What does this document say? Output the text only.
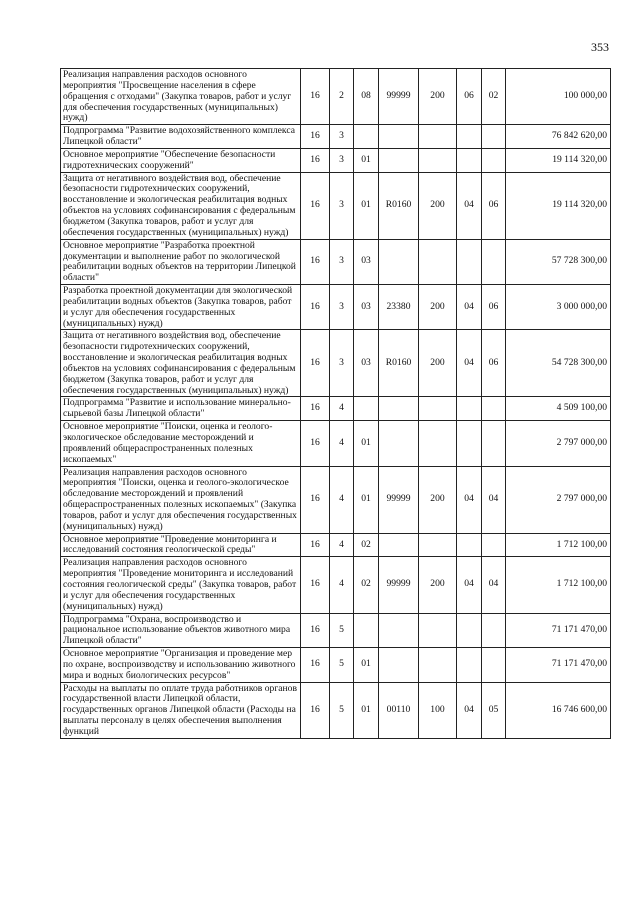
353
Реализация направления расходов основного мероприятия "Просвещение населения в сфере обращения с отходами" (Закупка товаров, работ и услуг для обеспечения государственных (муниципальных) нужд)	16	2	08	99999	200	06	02	100 000,00
Подпрограмма "Развитие водохозяйственного комплекса Липецкой области"	16	3						76 842 620,00
Основное мероприятие "Обеспечение безопасности гидротехнических сооружений"	16	3	01					19 114 320,00
Защита от негативного воздействия вод, обеспечение безопасности гидротехнических сооружений, восстановление и экологическая реабилитация водных объектов на условиях софинансирования с федеральным бюджетом (Закупка товаров, работ и услуг для обеспечения государственных (муниципальных) нужд)	16	3	01	R0160	200	04	06	19 114 320,00
Основное мероприятие "Разработка проектной документации и выполнение работ по экологической реабилитации водных объектов на территории Липецкой области"	16	3	03					57 728 300,00
Разработка проектной документации для экологической реабилитации водных объектов (Закупка товаров, работ и услуг для обеспечения государственных (муниципальных) нужд)	16	3	03	23380	200	04	06	3 000 000,00
Защита от негативного воздействия вод, обеспечение безопасности гидротехнических сооружений, восстановление и экологическая реабилитация водных объектов на условиях софинансирования с федеральным бюджетом (Закупка товаров, работ и услуг для обеспечения государственных (муниципальных) нужд)	16	3	03	R0160	200	04	06	54 728 300,00
Подпрограмма "Развитие и использование минерально-сырьевой базы Липецкой области"	16	4						4 509 100,00
Основное мероприятие "Поиски, оценка и геолого-экологическое обследование месторождений и проявлений общераспространенных полезных ископаемых"	16	4	01					2 797 000,00
Реализация направления расходов основного мероприятия "Поиски, оценка и геолого-экологическое обследование месторождений и проявлений общераспространенных полезных ископаемых" (Закупка товаров, работ и услуг для обеспечения государственных (муниципальных) нужд)	16	4	01	99999	200	04	04	2 797 000,00
Основное мероприятие "Проведение мониторинга и исследований состояния геологической среды"	16	4	02					1 712 100,00
Реализация направления расходов основного мероприятия "Проведение мониторинга и исследований состояния геологической среды" (Закупка товаров, работ и услуг для обеспечения государственных (муниципальных) нужд)	16	4	02	99999	200	04	04	1 712 100,00
Подпрограмма "Охрана, воспроизводство и рациональное использование объектов животного мира Липецкой области"	16	5						71 171 470,00
Основное мероприятие "Организация и проведение мер по охране, воспроизводству и использованию животного мира и водных биологических ресурсов"	16	5	01					71 171 470,00
Расходы на выплаты по оплате труда работников органов государственной власти Липецкой области, государственных органов Липецкой области (Расходы на выплаты персоналу в целях обеспечения выполнения функций	16	5	01	00110	100	04	05	16 746 600,00
